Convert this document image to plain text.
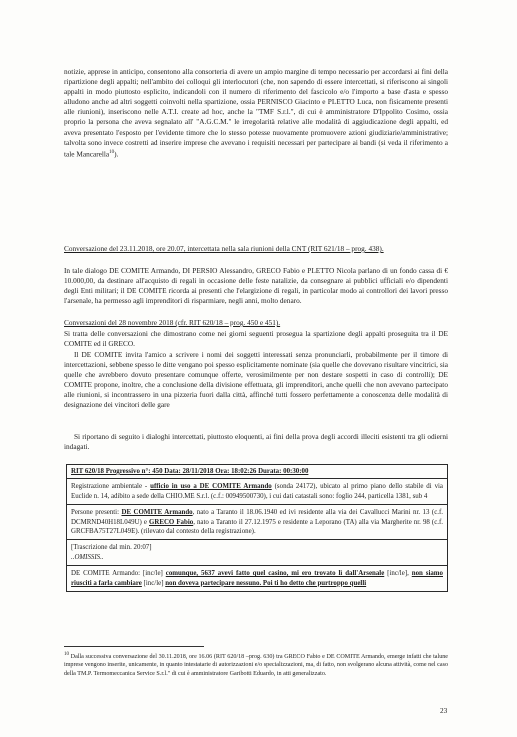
notizie, apprese in anticipo, consentono alla consorteria di avere un ampio margine di tempo necessario per accordarsi ai fini della ripartizione degli appalti; nell'ambito dei colloqui gli interlocutori (che, non sapendo di essere intercettati, si riferiscono ai singoli appalti in modo piuttosto esplicito, indicandoli con il numero di riferimento del fascicolo e/o l'importo a base d'asta e spesso alludono anche ad altri soggetti coinvolti nella spartizione, ossia PERNISCO Giacinto e PLETTO Luca, non fisicamente presenti alle riunioni), inseriscono nelle A.T.I. create ad hoc, anche la "TMF S.r.l.", di cui è amministratore D'Ippolito Cosimo, ossia proprio la persona che aveva segnalato all' "A.G.C.M." le irregolarità relative alle modalità di aggiudicazione degli appalti, ed aveva presentato l'esposto per l'evidente timore che lo stesso potesse nuovamente promuovere azioni giudiziarie/amministrative; talvolta sono invece costretti ad inserire imprese che avevano i requisiti necessari per partecipare ai bandi (si veda il riferimento a tale Mancarella$^{10}$).

Conversazione del 23.11.2018, ore 20.07, intercettata nella sala riunioni della CNT (RIT 621/18 – prog. 438).

In tale dialogo DE COMITE Armando, DI PERSIO Alessandro, GRECO Fabio e PLETTO Nicola parlano di un fondo cassa di € 10.000,00, da destinare all'acquisto di regali in occasione delle feste natalizie, da consegnare ai pubblici ufficiali e/o dipendenti degli Enti militari; il DE COMITE ricorda ai presenti che l'elargizione di regali, in particolar modo ai controllori dei lavori presso l'arsenale, ha permesso agli imprenditori di risparmiare, negli anni, molto denaro.

Conversazioni del 28 novembre 2018 (cfr. RIT 620/18 – prog. 450 e 451).

Si tratta delle conversazioni che dimostrano come nei giorni seguenti prosegua la spartizione degli appalti proseguita tra il DE COMITE ed il GRECO.

Il DE COMITE invita l'amico a scrivere i nomi dei soggetti interessati senza pronunciarli, probabilmente per il timore di intercettazioni, sebbene spesso le ditte vengano poi spesso esplicitamente nominate (sia quelle che dovevano risultare vincitrici, sia quelle che avrebbero dovuto presentare comunque offerte, verosimilmente per non destare sospetti in caso di controlli); DE COMITE propone, inoltre, che a conclusione della divisione effettuata, gli imprenditori, anche quelli che non avevano partecipato alle riunioni, si incontrassero in una pizzeria fuori dalla città, affinché tutti fossero perfettamente a conoscenza delle modalità di designazione dei vincitori delle gare

Si riportano di seguito i dialoghi intercettati, piuttosto eloquenti, ai fini della prova degli accordi illeciti esistenti tra gli odierni indagati.

RIT 620/18 Progressivo n°: 450 Data: 28/11/2018 Ora: 18:02:26 Durata: 00:30:00
Registrazione ambientale - ufficio in uso a DE COMITE Armando (sonda 24172), ubicato al primo piano dello stabile di via Euclide n. 14, adibito a sede della CHIO.ME S.r.l. (c.f.: 00949500730), i cui dati catastali sono: foglio 244, particella 1381, sub 4
Persone presenti: DE COMITE Armando, nato a Taranto il 18.06.1940 ed ivi residente alla via dei Cavallucci Marini nr. 13 (c.f. DCMRND40H18L049U) e GRECO Fabio, nato a Taranto il 27.12.1975 e residente a Leporano (TA) alla via Margherite nr. 98 (c.f. GRCFBA75T27L049E). (rilevato dal contesto della registrazione).
[Trascrizione dal min. 20:07]
..OMISSIS..
DE COMITE Armando: [inc/le] comunque, 5637 avevi fatto quel casino, mi ero trovato lì dall'Arsenale [inc/le], non siamo riusciti a farla cambiare [inc/le] non doveva partecipare nessuno. Poi ti ho detto che purtroppo quelli

$^{10}$ Dalla successiva conversazione del 30.11.2018, ore 16.06 (RIT 620/18 –prog. 630) tra GRECO Fabio e DE COMITE Armando, emerge infatti che talune imprese vengono inserite, unicamente, in quanto intestatarie di autorizzazioni e/o specializzazioni, ma, di fatto, non svolgerano alcuna attività, come nel caso della TM.P. Termomeccanica Service S.r.l." di cui è amministratore Garibotti Eduardo, in atti generalizzato.

23
